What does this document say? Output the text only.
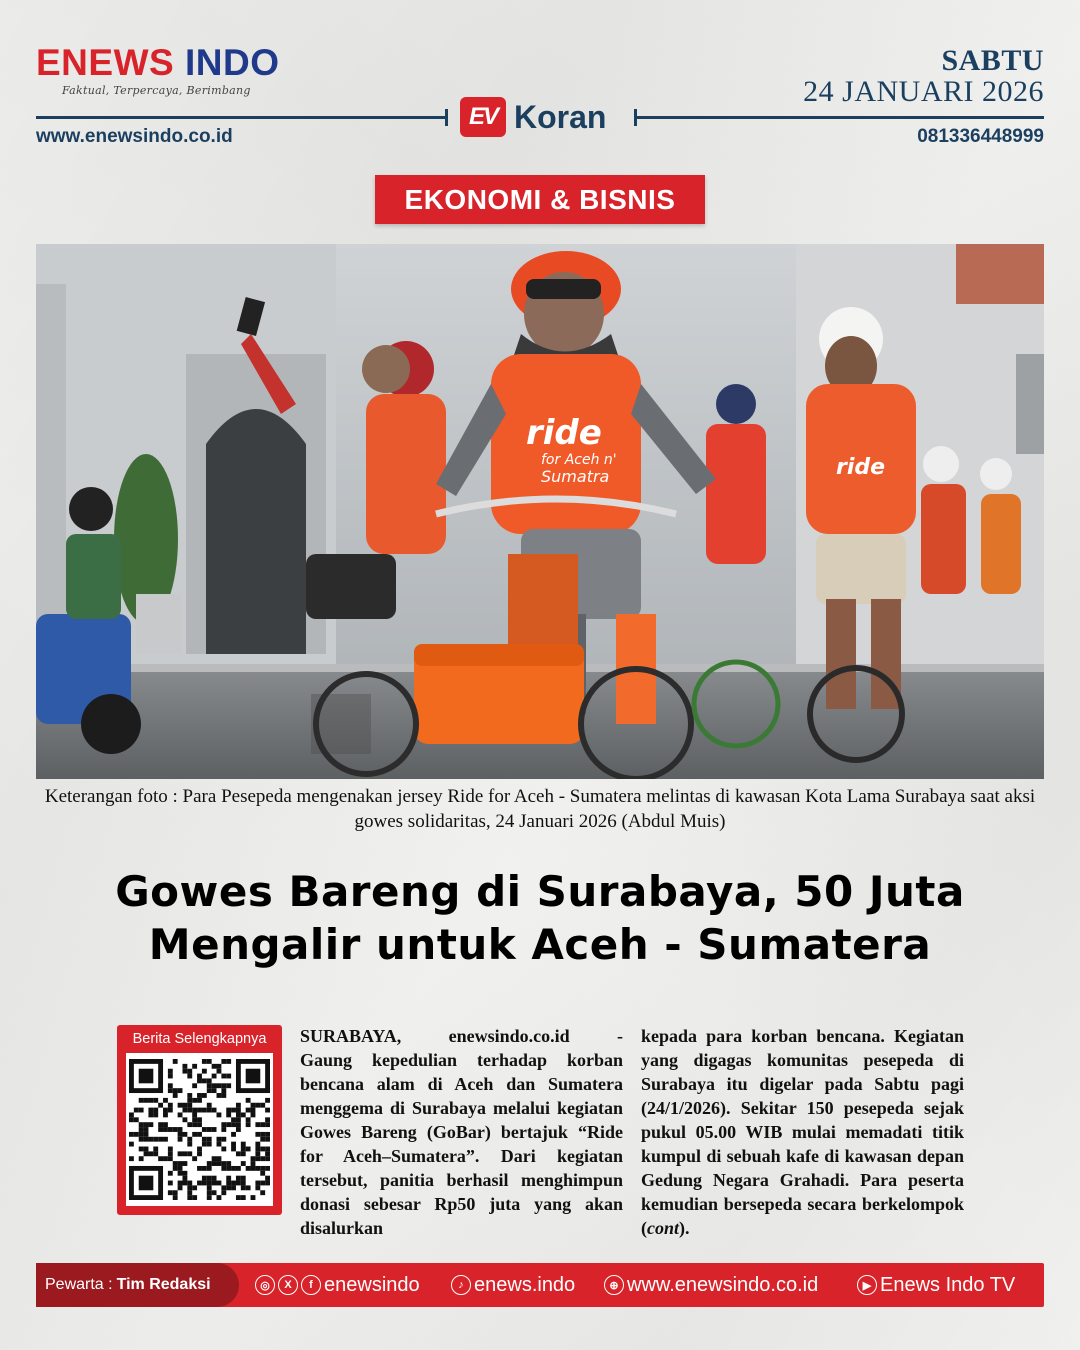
ENEWS INDO
Faktual, Terpercaya, Berimbang
SABTU
24 JANUARI 2026
EV Koran
www.enewsindo.co.id	081336448999
EKONOMI & BISNIS
ride
ride
for Aceh n'
Sumatra
Keterangan foto : Para Pesepeda mengenakan jersey Ride for Aceh - Sumatera melintas di kawasan Kota Lama Surabaya saat aksi gowes solidaritas, 24 Januari 2026 (Abdul Muis)
Gowes Bareng di Surabaya, 50 Juta
Mengalir untuk Aceh - Sumatera
Berita Selengkapnya	SURABAYA, enewsindo.co.id -
Gaung kepedulian terhadap korban bencana alam di Aceh dan Sumatera menggema di Surabaya melalui kegiatan Gowes Bareng (GoBar) bertajuk “Ride for Aceh–Sumatera”. Dari kegiatan tersebut, panitia berhasil menghimpun donasi sebesar Rp50 juta yang akan disalurkan
kepada para korban bencana. Kegiatan yang digagas komunitas pesepeda di Surabaya itu digelar pada Sabtu pagi (24/1/2026). Sekitar 150 pesepeda sejak pukul 05.00 WIB mulai memadati titik kumpul di sebuah kafe di kawasan depan Gedung Negara Grahadi. Para peserta kemudian bersepeda secara berkelompok (cont).
Pewarta : Tim Redaksi	◎	X	f enewsindo	♪ enews.indo	⊕ www.enewsindo.co.id	▶ Enews Indo TV
